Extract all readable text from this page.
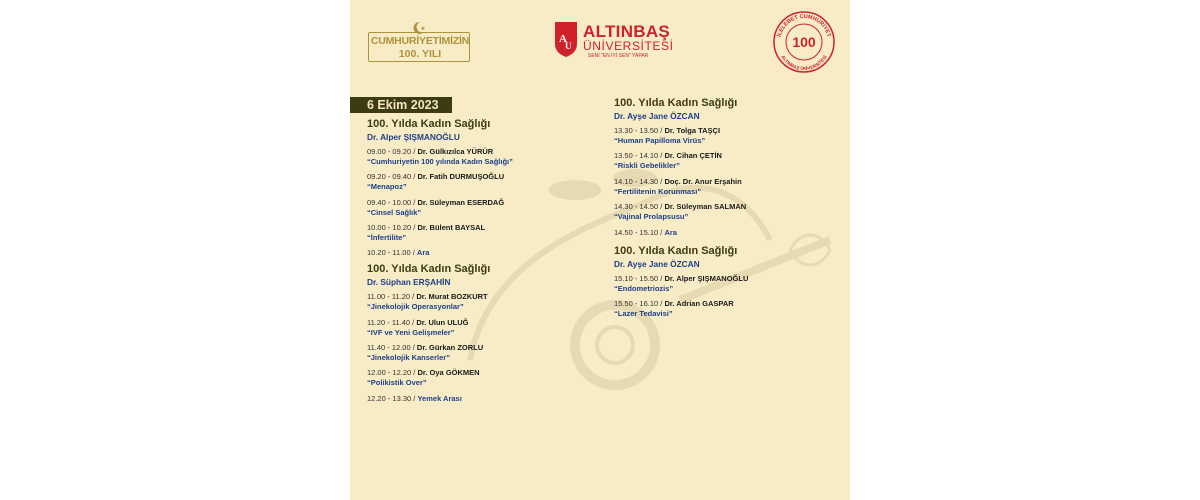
CUMHURİYETİMİZİN
100. YILI
A
U
ALTINBAŞ
ÜNİVERSİTESİ
SENİ "EN İYİ SEN" YAPAR
İLELEBET CUMHURİYET
ALTINBAŞ ÜNİVERSİTESİ
100
6 Ekim 2023
100. Yılda Kadın Sağlığı
Dr. Alper ŞIŞMANOĞLU
09.00 - 09.20 / Dr. Gülkızılca YÜRÜR
“Cumhuriyetin 100 yılında Kadın Sağlığı”
09.20 - 09.40 / Dr. Fatih DURMUŞOĞLU
“Menapoz”
09.40 - 10.00 / Dr. Süleyman ESERDAĞ
“Cinsel Sağlık”
10.00 - 10.20 / Dr. Bülent BAYSAL
“İnfertilite”
10.20 - 11.00 / Ara
100. Yılda Kadın Sağlığı
Dr. Süphan ERŞAHİN
11.00 - 11.20 / Dr. Murat BOZKURT
“Jinekolojik Operasyonlar”
11.20 - 11.40 / Dr. Ulun ULUĞ
“IVF ve Yeni Gelişmeler”
11.40 - 12.00 / Dr. Gürkan ZORLU
“Jinekolojik Kanserler”
12.00 - 12.20 / Dr. Oya GÖKMEN
“Polikistik Over”
12.20 - 13.30 / Yemek Arası
100. Yılda Kadın Sağlığı
Dr. Ayşe Jane ÖZCAN
13.30 - 13.50 / Dr. Tolga TAŞÇI
“Human Papilloma Virüs”
13.50 - 14.10 / Dr. Cihan ÇETİN
“Riskli Gebelikler”
14.10 - 14.30 / Doç. Dr. Anur Erşahin
“Fertilitenin Korunması”
14.30 - 14.50 / Dr. Süleyman SALMAN
“Vajinal Prolapsusu”
14.50 - 15.10 / Ara
100. Yılda Kadın Sağlığı
Dr. Ayşe Jane ÖZCAN
15.10 - 15.50 / Dr. Alper ŞIŞMANOĞLU
“Endometriozis”
15.50 - 16.10 / Dr. Adrian GASPAR
“Lazer Tedavisi”
